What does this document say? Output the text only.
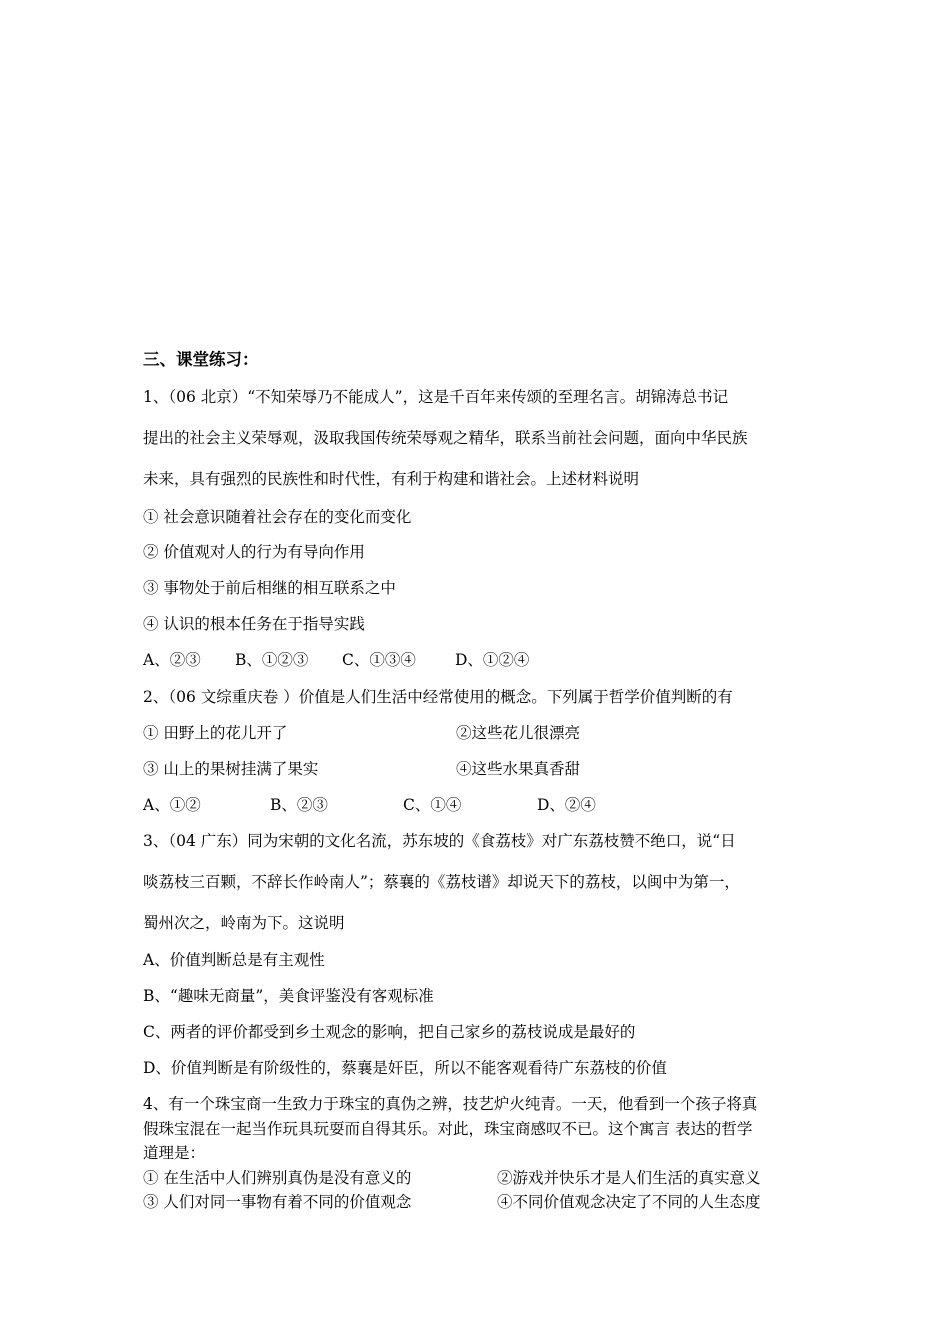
三、课堂练习：
1、（06 北京）“不知荣辱乃不能成人”，这是千百年来传颂的至理名言。胡锦涛总书记
提出的社会主义荣辱观，汲取我国传统荣辱观之精华，联系当前社会问题，面向中华民族
未来，具有强烈的民族性和时代性，有利于构建和谐社会。上述材料说明
① 社会意识随着社会存在的变化而变化
② 价值观对人的行为有导向作用
③ 事物处于前后相继的相互联系之中
④ 认识的根本任务在于指导实践
A、②③ B、①②③ C、①③④	D、①②④
2、（06 文综重庆卷 ）价值是人们生活中经常使用的概念。下列属于哲学价值判断的有
① 田野上的花儿开了	②这些花儿很漂亮
③ 山上的果树挂满了果实	④这些水果真香甜
A、①②	B、②③	C、①④	D、②④
3、（04 广东）同为宋朝的文化名流，苏东坡的《食荔枝》对广东荔枝赞不绝口，说“日
啖荔枝三百颗，不辞长作岭南人”；蔡襄的《荔枝谱》却说天下的荔枝，以闽中为第一，
蜀州次之，岭南为下。这说明
A、价值判断总是有主观性
B、“趣味无商量”，美食评鉴没有客观标准
C、两者的评价都受到乡土观念的影响，把自己家乡的荔枝说成是最好的
D、价值判断是有阶级性的，蔡襄是奸臣，所以不能客观看待广东荔枝的价值
4、有一个珠宝商一生致力于珠宝的真伪之辨，技艺炉火纯青。一天，他看到一个孩子将真
假珠宝混在一起当作玩具玩耍而自得其乐。对此，珠宝商感叹不已。这个寓言 表达的哲学
道理是：
① 在生活中人们辨别真伪是没有意义的	②游戏并快乐才是人们生活的真实意义
③ 人们对同一事物有着不同的价值观念	④不同价值观念决定了不同的人生态度
